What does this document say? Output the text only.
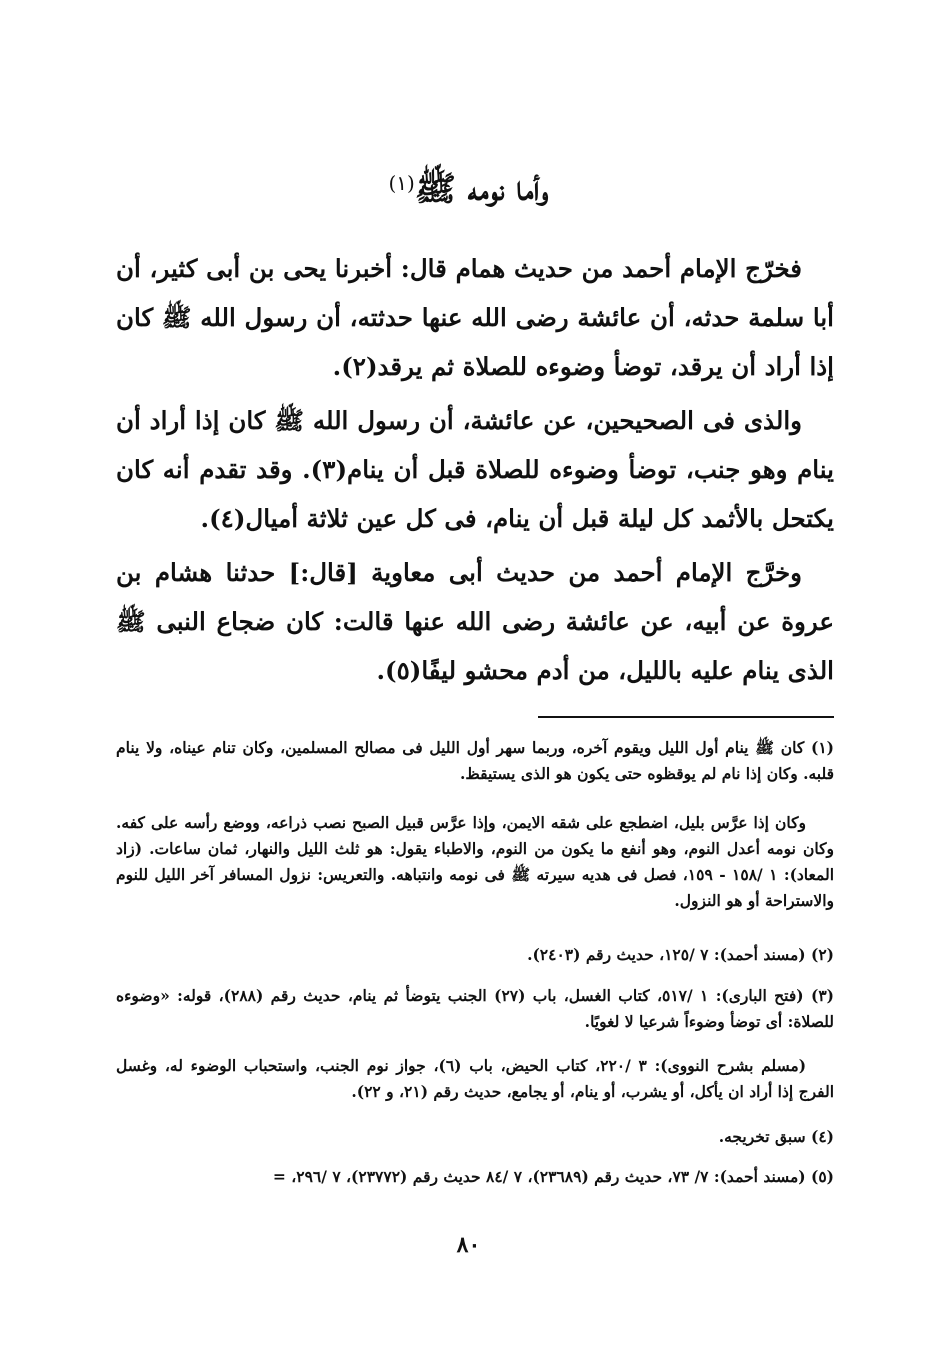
وأما نومه ﷺ$^{(١)}$

فخرّج الإمام أحمد من حديث همام قال: أخبرنا يحى بن أبى كثير، أن أبا سلمة حدثه، أن عائشة رضى الله عنها حدثته، أن رسول الله ﷺ كان إذا أراد أن يرقد، توضأ وضوءه للصلاة ثم يرقد(٢).

والذى فى الصحيحين، عن عائشة، أن رسول الله ﷺ كان إذا أراد أن ينام وهو جنب، توضأ وضوءه للصلاة قبل أن ينام(٣). وقد تقدم أنه كان يكتحل بالأثمد كل ليلة قبل أن ينام، فى كل عين ثلاثة أميال(٤).

وخرَّج الإمام أحمد من حديث أبى معاوية [قال:] حدثنا هشام بن عروة عن أبيه، عن عائشة رضى الله عنها قالت: كان ضجاع النبى ﷺ الذى ينام عليه بالليل، من أدم محشو ليفًا(٥).

(١) كان ﷺ ينام أول الليل ويقوم آخره، وربما سهر أول الليل فى مصالح المسلمين، وكان تنام عيناه، ولا ينام قلبه. وكان إذا نام لم يوقظوه حتى يكون هو الذى يستيقظ.

وكان إذا عرَّس بليل، اضطجع على شقه الايمن، وإذا عرَّس قبيل الصبح نصب ذراعه، ووضع رأسه على كفه. وكان نومه أعدل النوم، وهو أنفع ما يكون من النوم، والاطباء يقول: هو ثلث الليل والنهار، ثمان ساعات. (زاد المعاد): ١ /١٥٨ - ١٥٩، فصل فى هديه سيرته ﷺ فى نومه وانتباهه. والتعريس: نزول المسافر آخر الليل للنوم والاستراحة أو هو النزول.

(٢) (مسند أحمد): ٧ /١٢٥، حديث رقم (٢٤٠٣).

(٣) (فتح البارى): ١ /٥١٧، كتاب الغسل، باب (٢٧) الجنب يتوضأ ثم ينام، حديث رقم (٢٨٨)، قوله: «وضوءه للصلاة: أى توضأ وضوءاً شرعيا لا لغويًا.

(مسلم بشرح النووى): ٣ /٢٢٠، كتاب الحيض، باب (٦)، جواز نوم الجنب، واستحباب الوضوء له، وغسل الفرج إذا أراد ان يأكل، أو يشرب، أو ينام، أو يجامع، حديث رقم (٢١، و ٢٢).

(٤) سبق تخريجه.

(٥) (مسند أحمد): ٧/ ٧٣، حديث رقم (٢٣٦٨٩)، ٧ /٨٤ حديث رقم (٢٣٧٧٢)، ٧ /٢٩٦، =

٨٠
